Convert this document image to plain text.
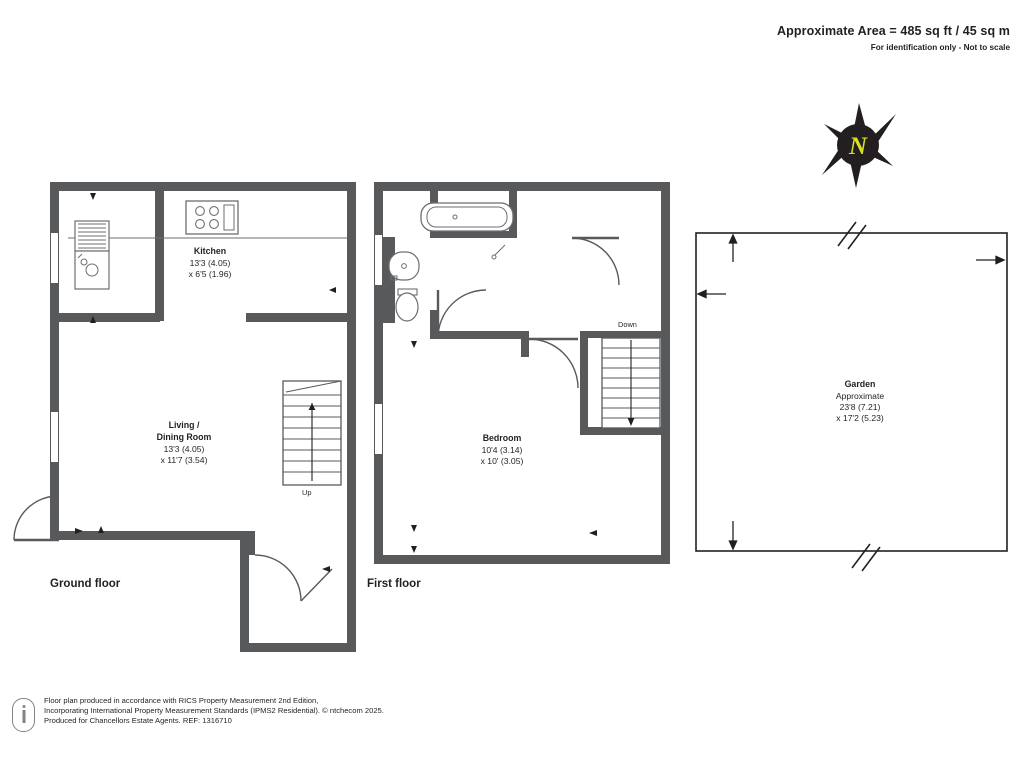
Approximate Area = 485 sq ft / 45 sq m
For identification only - Not to scale
N
Ground floor	First floor
Kitchen
13'3 (4.05)
x 6'5 (1.96)
Living /
Dining Room
13'3 (4.05)
x 11'7 (3.54)
Bedroom
10'4 (3.14)
x 10' (3.05)
Garden
Approximate
23'8 (7.21)
x 17'2 (5.23)
Up
Down
Floor plan produced in accordance with RICS Property Measurement 2nd Edition,
Incorporating International Property Measurement Standards (IPMS2 Residential). © ntchecom 2025.
Produced for Chancellors Estate Agents. REF: 1316710
